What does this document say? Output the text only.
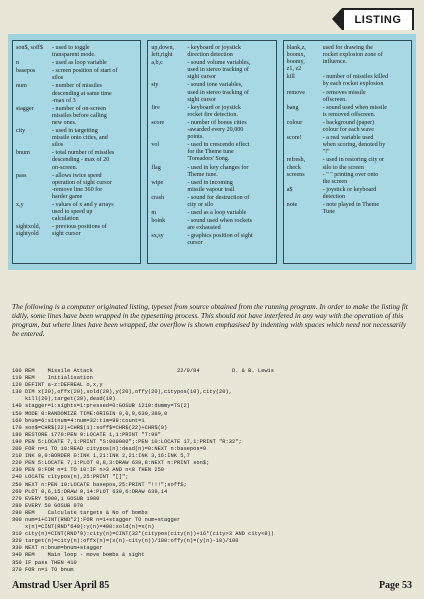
LISTING
son$, soff$	- used to toggle
transparent mode.
n	- used as loop variable
basepos	- screen position of start of
silos
num	- number of missiles
descending at same time
-max of 3
stagger	- number of on-screen
missiles before calling
new ones.
city	- used in targetting
missile onto cities, and
silos
bnum	- total number of missiles
descending - max of 20
on-screen.
pass	- allows twice speed
operation of sight cursor
-remove line 360 for
harder game
x,y	- values of x and y arrays
used to speed up
calculation
sightxold,
sightyold
- previous positions of
sight cursor
up,down,
left,right
- keyboard or joystick
direction detection
a,b,c	- sound volume variables,
used in stereo tracking of
sight cursor
sty	- sound tone variables,
used in stereo tracking of
sight cursor
fire	- keyboard or joystick
rocket fire detection.
score	- number of bonus cities
-awarded every 20,000
points.
vol	- used in crescendo effect
for the Theme tune
'Toreadors' Song.
flag	- used in key changes for
Theme tune.
wipe	- used in incoming
missile vapour trail
crash	- sound for destruction of
city or silo
m	- used as a loop variable
boink	- sound used when rockets
are exhausted
sx,sy	- graphics position of sight
cursor
blank,z,
boomx,
boomy,
z1, z2
used for drawing the
rocket explosion zone of
influence.
kill	- number of missiles killed
by each rocket explosion
remove	- removes missile
offscreen.
bang	- sound used when missile
is removed offscreen.
colour	- background (paper)
colour for each wave
score!	- a real variable used
when scoring, denoted by
"!"
refresh,
check
screens
- used in restoring city or
silo to the screen
- " " printing over onto
the screen
a$	- joystick or keyboard
detection
note	- note played in Theme
Tune
The following is a computer originated listing, typeset from source obtained from the running program. In order to make the listing fit tidily, some lines have been wrapped in the typesetting process. This should not have interfered in any way with the operation of this program, but where lines have been wrapped, the overflow is shown emphasised by indenting with spaces which need not necessarily be entered.
100 REM    Missile Attack                          22/9/84          D. & B. Lewis
110 REM    Initialisation
120 DEFINT a-z:DEFREAL o,x,y
130 DIM x(20),offx(20),xold(20),y(20),offy(20),citypos(10),city(20),
kill(20),target(20),dead(10)
140 stagger=1:sightx=1:pressed=0:GOSUB 1210:dummy=TS(2)
150 MODE 0:RANDOMIZE TIME:ORIGIN 0,0,0,639,380,0
160 bnum=6:sitnum=4:num=32:tim=99:count=1
170 son$=CHR$(22)+CHR$(1):soff$=CHR$(22)+CHR$(0)
180 RESTORE 1770:PEN 9:LOCATE 1,1:PRINT "T:99"
190 PEN 5:LOCATE 7,1:PRINT "S:000000";:PEN 10:LOCATE 17,1:PRINT "R:32";
200 FOR n=1 TO 10:READ citypos(n):dead(n)=0:NEXT n:basepos=9
210 INK 0,0:BORDER 0:INK 1,21:INK 2,21:INK 3,16:INK 5,7
220 PEN 5:LOCATE 7,1:PLOT 0,8,3:DRAW 639,8:NEXT n:PRINT son$;
230 PEN 9:FOR n=1 TO 10:IF n>3 AND n<8 THEN 250
240 LOCATE citypos(n),25:PRINT "[]";
250 NEXT n:PEN 10:LOCATE basepos,25:PRINT "!!!";soff$;
260 PLOT 0,6,15:DRAW 0,14:PLOT 639,6:DRAW 639,14
270 EVERY 5000,1 GOSUB 1080
280 EVERY 50 GOSUB 970
290 REM    Calculate targets & No of bombs
300 num=1+CINT(RND*2):FOR n=1+stagger TO num+stagger
x(n)=CINT(RND*640):y(n)=400:xold(n)=x(n)
310 city(n)=CINT(RND*9):city(n)=CINT(32*(citypos(city(n))+16*(city>3 AND city<8))
320 target(n)=city(n):offx(n)=(x(n)-city(n))/100:offy(n)=(y(n)-10)/100
330 NEXT n:bnum=bnum+stagger
340 REM    Main loop - move bombs & sight
350 IF pass THEN 410
370 FOR n=1 TO bnum
Amstrad User April 85	Page 53
